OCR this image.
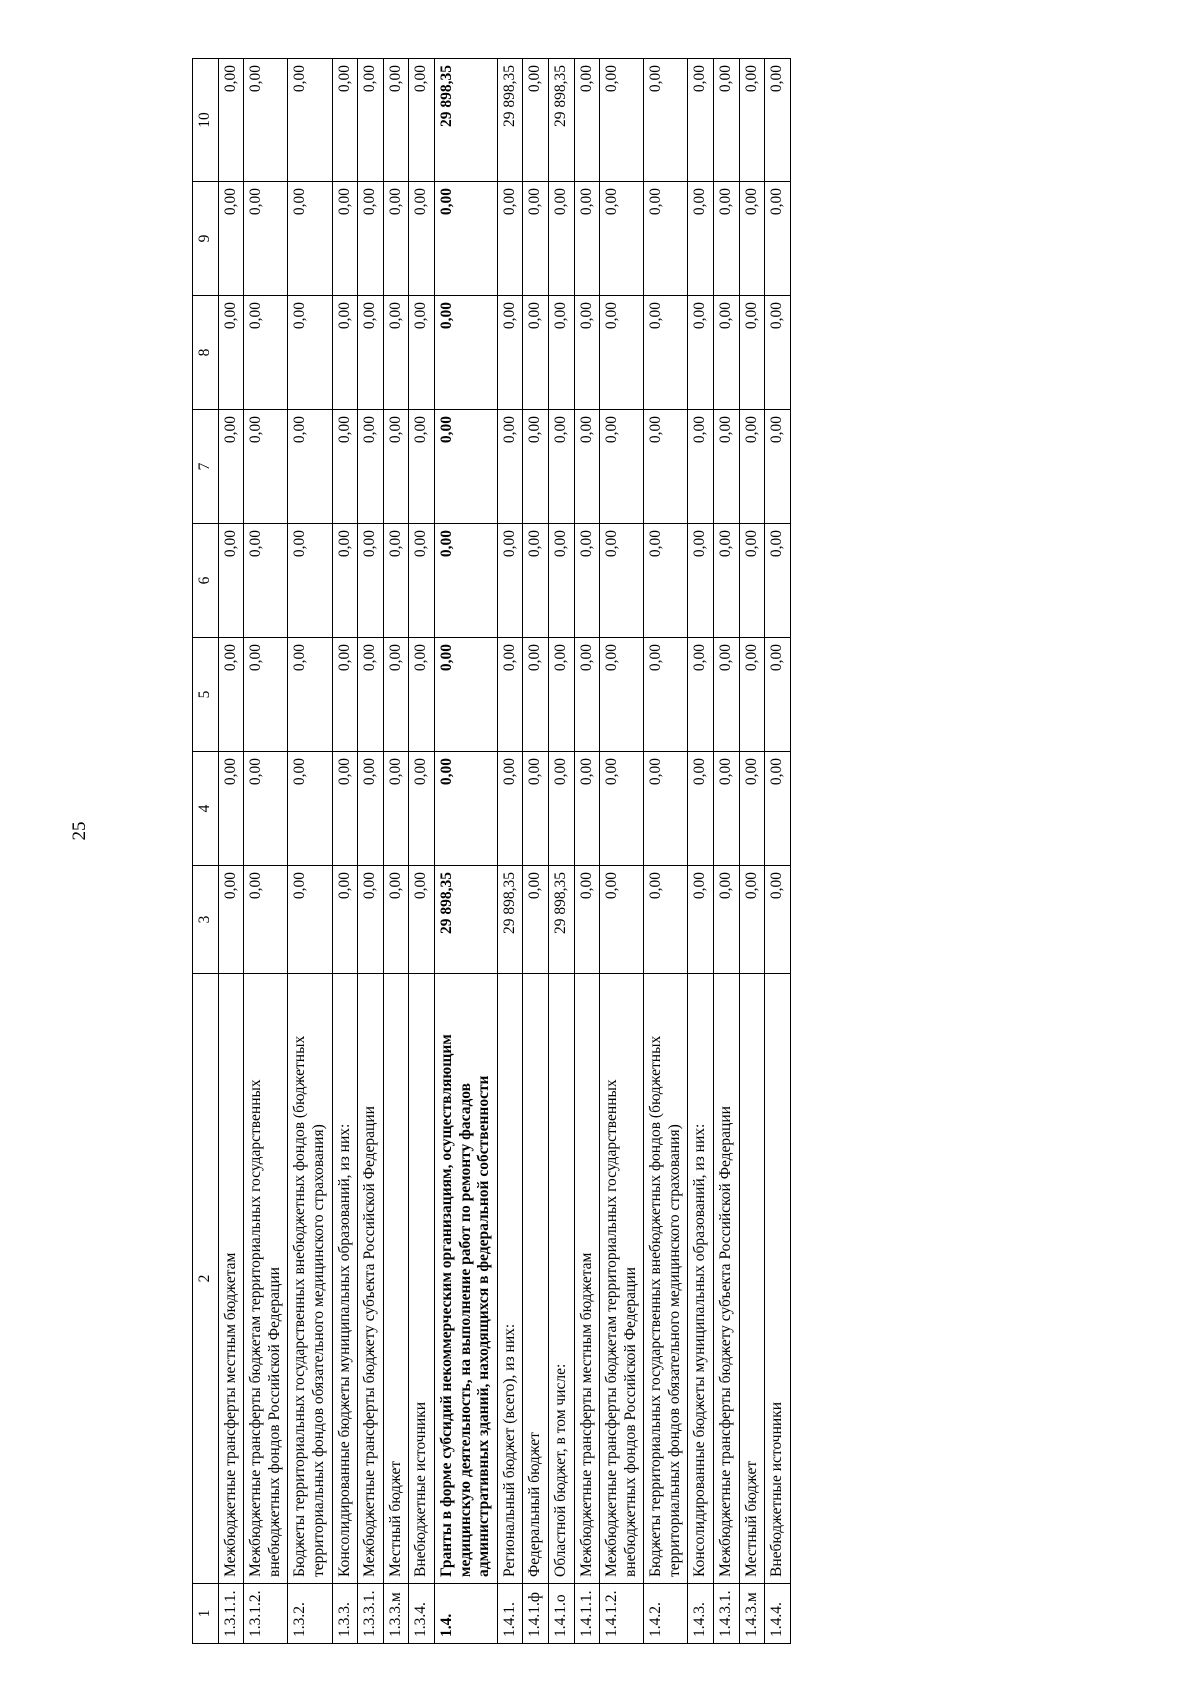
25
1	2	3	4	5	6	7	8	9	10
1.3.1.1.	Межбюджетные трансферты местным бюджетам	0,00	0,00	0,00	0,00	0,00	0,00	0,00	0,00
1.3.1.2.	Межбюджетные трансферты бюджетам территориальных государственных внебюджетных фондов Российской Федерации	0,00	0,00	0,00	0,00	0,00	0,00	0,00	0,00
1.3.2.	Бюджеты территориальных государственных внебюджетных фондов (бюджетных территориальных фондов обязательного медицинского страхования)	0,00	0,00	0,00	0,00	0,00	0,00	0,00	0,00
1.3.3.	Консолидированные бюджеты муниципальных образований, из них:	0,00	0,00	0,00	0,00	0,00	0,00	0,00	0,00
1.3.3.1.	Межбюджетные трансферты бюджету субъекта Российской Федерации	0,00	0,00	0,00	0,00	0,00	0,00	0,00	0,00
1.3.3.м	Местный бюджет	0,00	0,00	0,00	0,00	0,00	0,00	0,00	0,00
1.3.4.	Внебюджетные источники	0,00	0,00	0,00	0,00	0,00	0,00	0,00	0,00
1.4.	Гранты в форме субсидий некоммерческим организациям, осуществляющим медицинскую деятельность, на выполнение работ по ремонту фасадов административных зданий, находящихся в федеральной собственности	29 898,35	0,00	0,00	0,00	0,00	0,00	0,00	29 898,35
1.4.1.	Региональный бюджет (всего), из них:	29 898,35	0,00	0,00	0,00	0,00	0,00	0,00	29 898,35
1.4.1.ф	Федеральный бюджет	0,00	0,00	0,00	0,00	0,00	0,00	0,00	0,00
1.4.1.о	Областной бюджет, в том числе:	29 898,35	0,00	0,00	0,00	0,00	0,00	0,00	29 898,35
1.4.1.1.	Межбюджетные трансферты местным бюджетам	0,00	0,00	0,00	0,00	0,00	0,00	0,00	0,00
1.4.1.2.	Межбюджетные трансферты бюджетам территориальных государственных внебюджетных фондов Российской Федерации	0,00	0,00	0,00	0,00	0,00	0,00	0,00	0,00
1.4.2.	Бюджеты территориальных государственных внебюджетных фондов (бюджетных территориальных фондов обязательного медицинского страхования)	0,00	0,00	0,00	0,00	0,00	0,00	0,00	0,00
1.4.3.	Консолидированные бюджеты муниципальных образований, из них:	0,00	0,00	0,00	0,00	0,00	0,00	0,00	0,00
1.4.3.1.	Межбюджетные трансферты бюджету субъекта Российской Федерации	0,00	0,00	0,00	0,00	0,00	0,00	0,00	0,00
1.4.3.м	Местный бюджет	0,00	0,00	0,00	0,00	0,00	0,00	0,00	0,00
1.4.4.	Внебюджетные источники	0,00	0,00	0,00	0,00	0,00	0,00	0,00	0,00
